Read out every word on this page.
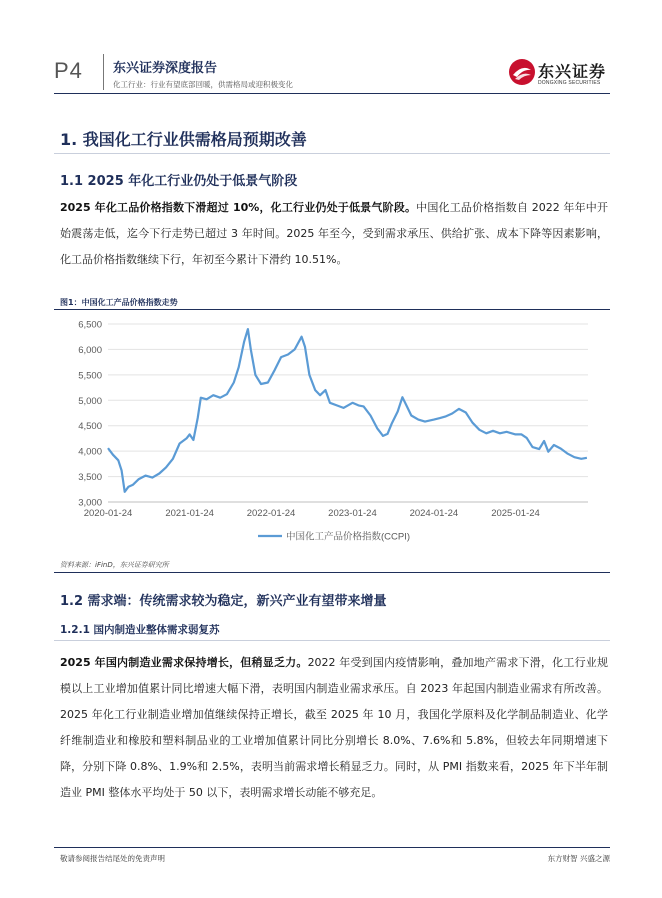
P4 东兴证券深度报告
化工行业：行业有望底部回暖，供需格局或迎积极变化
东兴证券
DONGXING SECURITIES
1. 我国化工行业供需格局预期改善
1.1 2025 年化工行业仍处于低景气阶段
2025 年化工品价格指数下滑超过 10%，化工行业仍处于低景气阶段。中国化工品价格指数自 2022 年年中开始震荡走低，迄今下行走势已超过 3 年时间。2025 年至今，受到需求承压、供给扩张、成本下降等因素影响，化工品价格指数继续下行，年初至今累计下滑约 10.51%。
图1：中国化工产品价格指数走势
3,000
3,500
4,000
4,500
5,000
5,500
6,000
6,500
2020-01-24	2021-01-24	2022-01-24	2023-01-24	2024-01-24	2025-01-24
中国化工产品价格指数(CCPI)
资料来源：iFinD，东兴证券研究所
1.2 需求端：传统需求较为稳定，新兴产业有望带来增量
1.2.1 国内制造业整体需求弱复苏
2025 年国内制造业需求保持增长，但稍显乏力。2022 年受到国内疫情影响，叠加地产需求下滑，化工行业规模以上工业增加值累计同比增速大幅下滑，表明国内制造业需求承压。自 2023 年起国内制造业需求有所改善。2025 年化工行业制造业增加值继续保持正增长，截至 2025 年 10 月，我国化学原料及化学制品制造业、化学纤维制造业和橡胶和塑料制品业的工业增加值累计同比分别增长 8.0%、7.6%和 5.8%，但较去年同期增速下降，分别下降 0.8%、1.9%和 2.5%，表明当前需求增长稍显乏力。同时，从 PMI 指数来看，2025 年下半年制造业 PMI 整体水平均处于 50 以下，表明需求增长动能不够充足。
敬请参阅报告结尾处的免责声明	东方财智 兴盛之源
